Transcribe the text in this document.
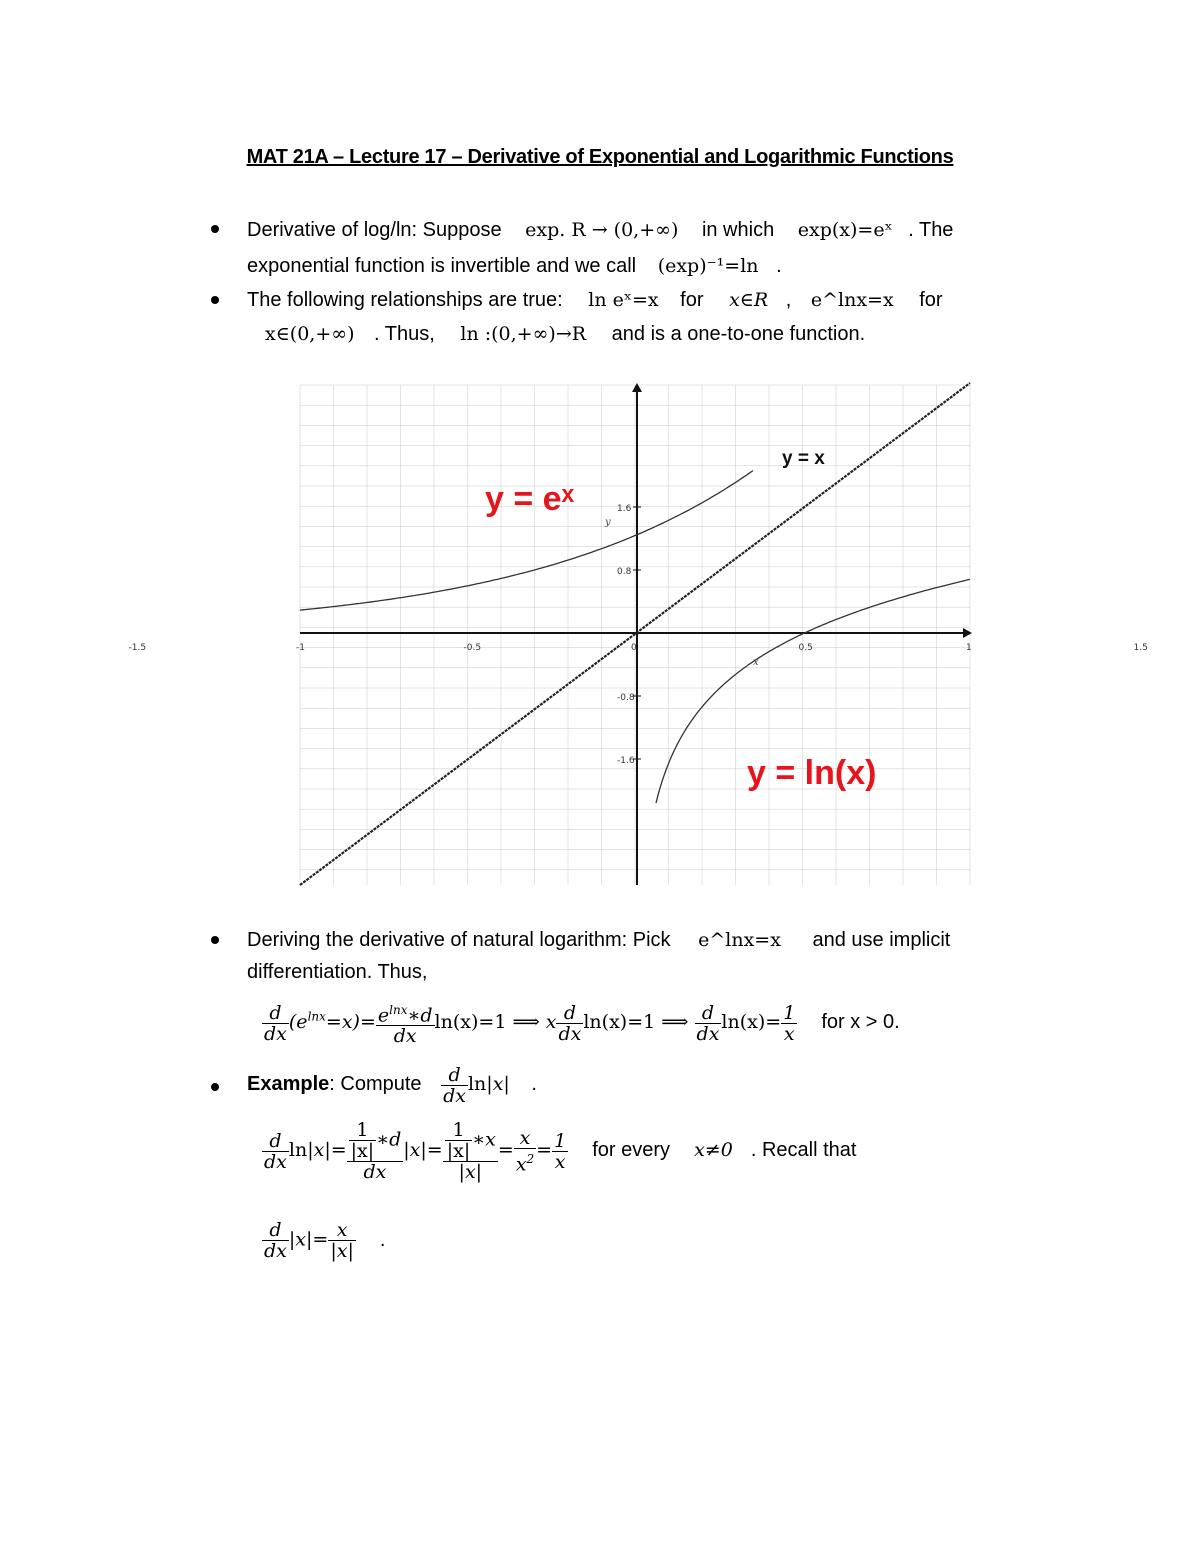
MAT 21A – Lecture 17 – Derivative of Exponential and Logarithmic Functions
Derivative of log/ln: Suppose exp. R → (0,+∞) in which exp(x)=eˣ . The
exponential function is invertible and we call (exp)⁻¹=ln .
The following relationships are true: ln eˣ=x for x∈R , e^lnx=x for
x∈(0,+∞) . Thus, ln :(0,+∞)→R and is a one-to-one function.
-1.5	-1	-0.5	0	0.5	1	1.5
1.6
0.8
-0.8
-1.6
y
x
y = eˣ
y = x
y = ln(x)
Deriving the derivative of natural logarithm: Pick e^lnx=x and use implicit
differentiation. Thus,
$\frac{d}{dx} (e^{lnx}=x)= \frac{e^{lnx}∗d}{dx} \ln(x)=1$ ⟹ x $\frac{d}{dx} \ln(x)=1$ ⟹ $\frac{d}{dx} \ln(x)= \frac{1}{x}$ for x > 0.
Example: Compute $\frac{d}{dx} \ln|x|$ .
$\frac{d}{dx} \ln|x|= \frac{\frac{1}{|x|} ∗d}{dx} |x|= \frac{\frac{1}{|x|} ∗x}{|x|} = \frac{x}{x^2} = \frac{1}{x}$ for every x≠0 . Recall that
$\frac{d}{dx} |x|= \frac{x}{|x|}$ .
